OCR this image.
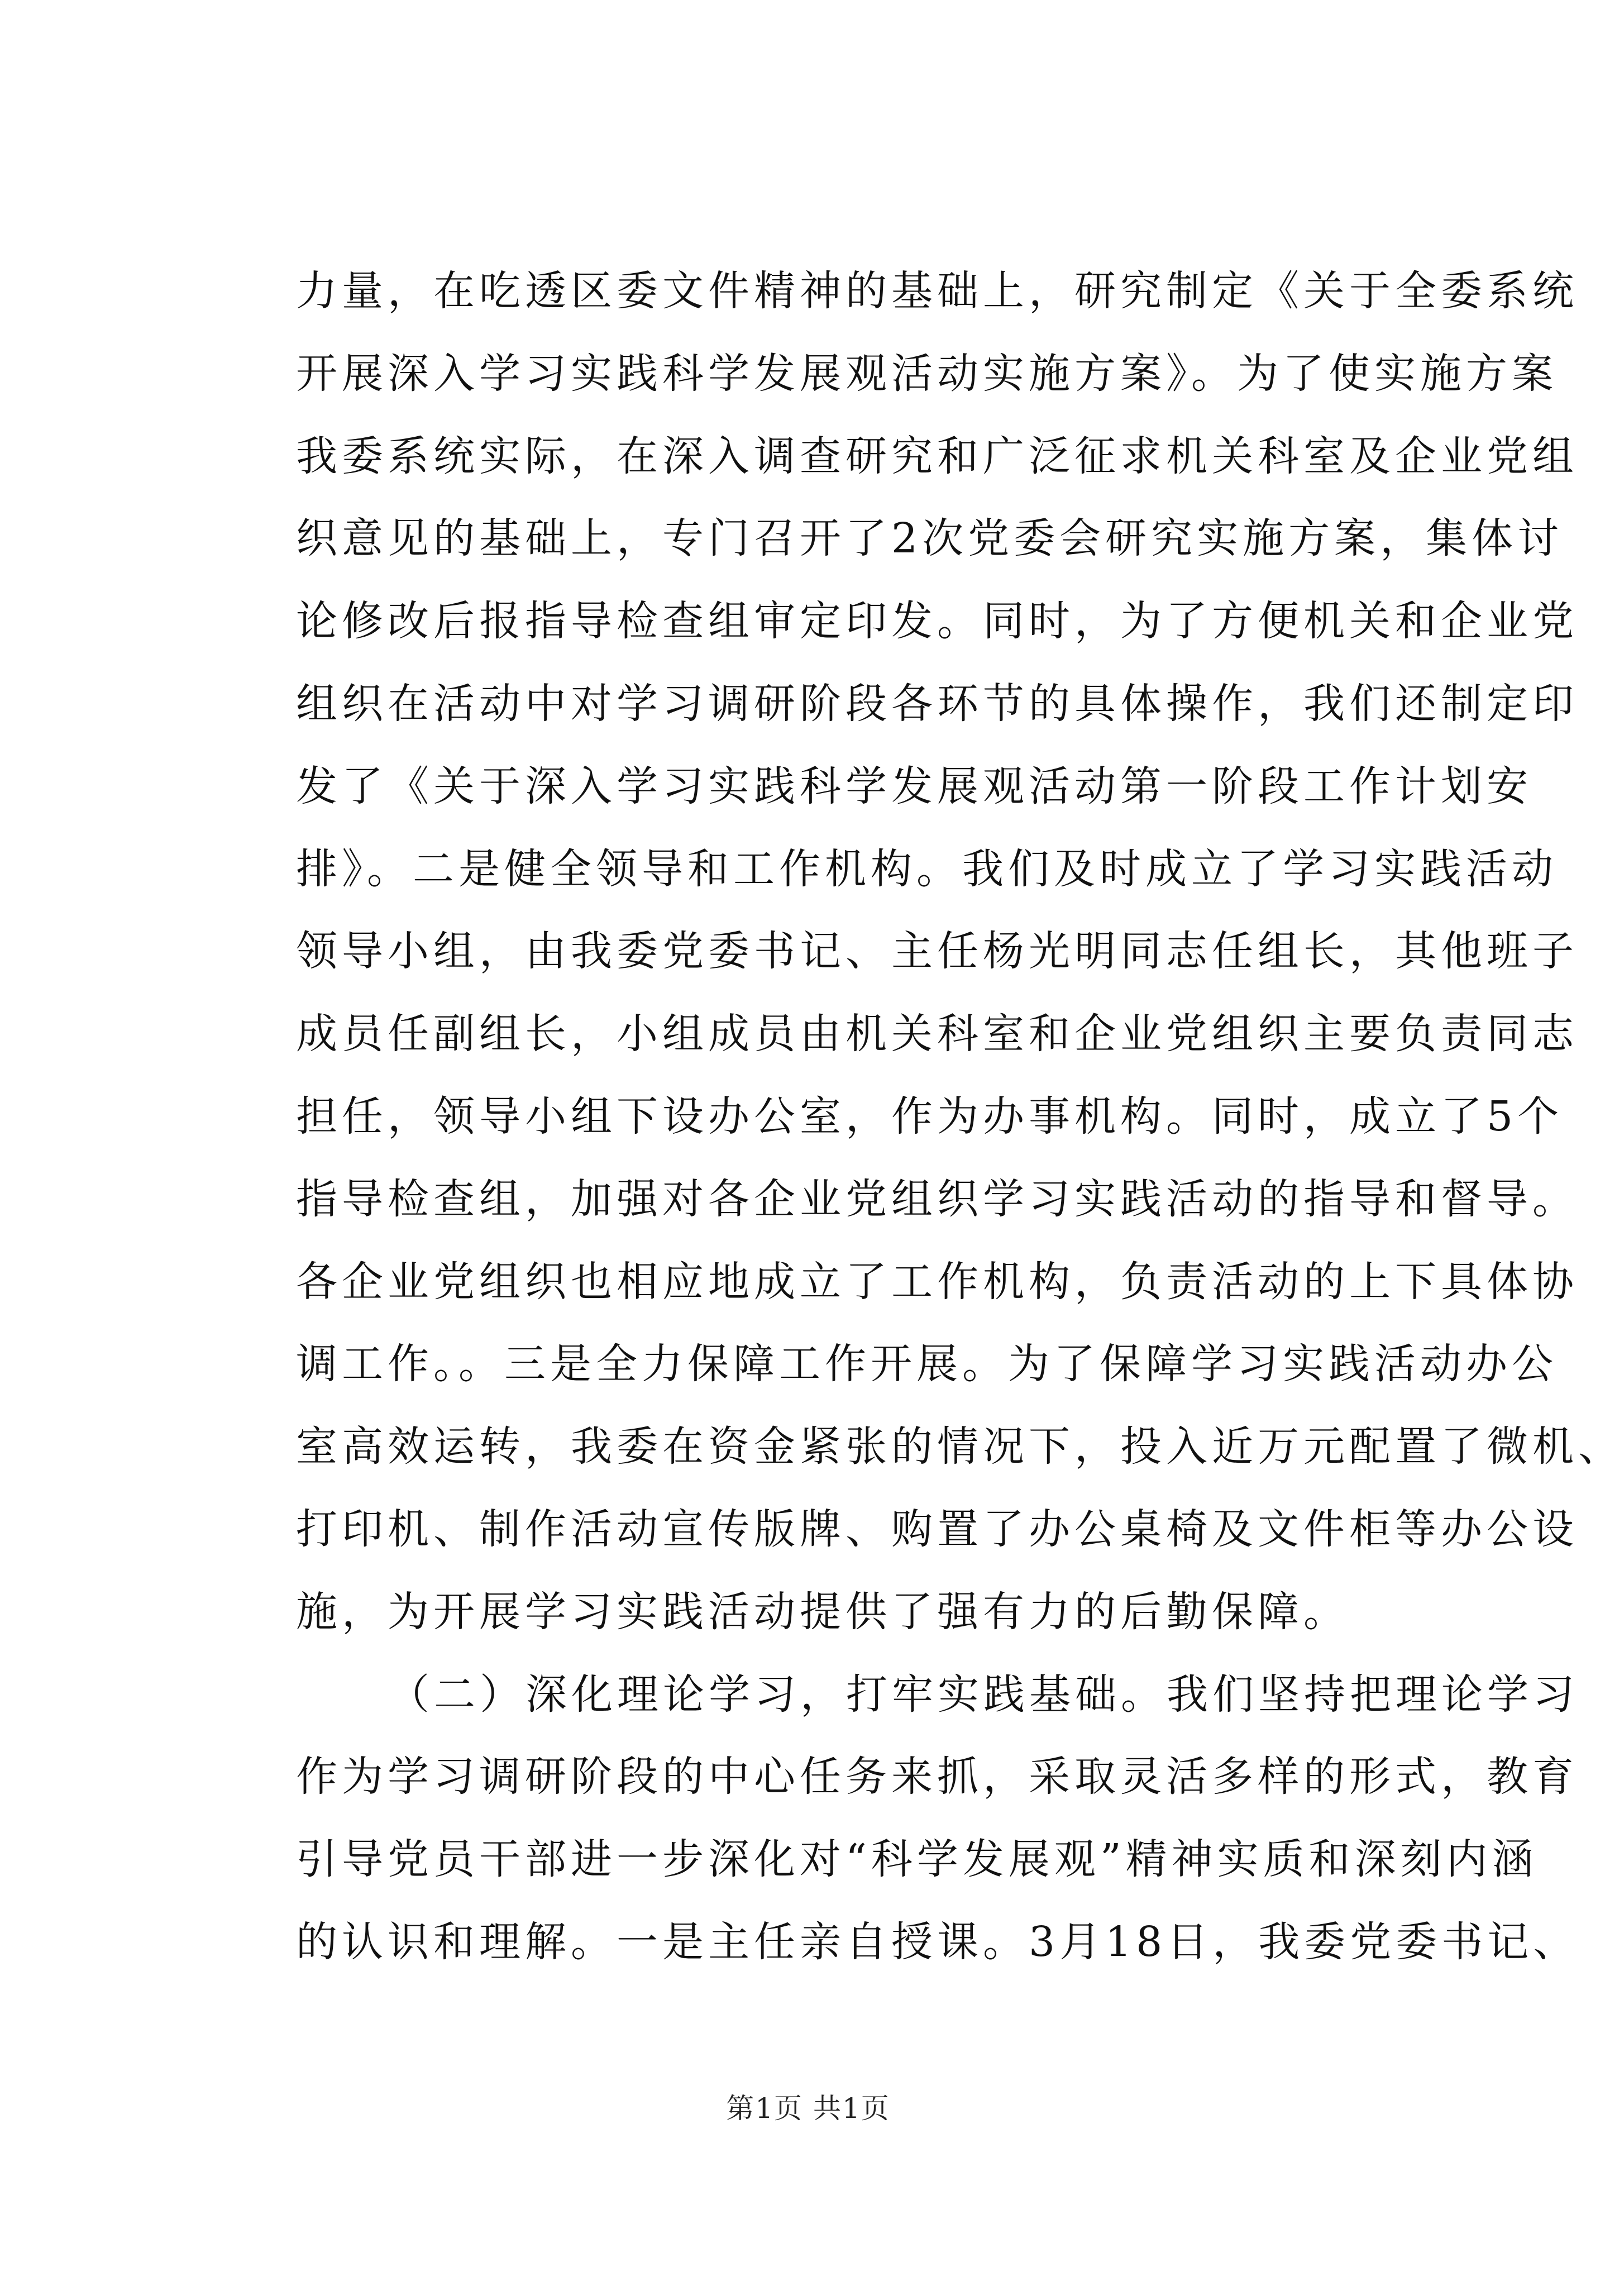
力量，在吃透区委文件精神的基础上，研究制定《关于全委系统
开展深入学习实践科学发展观活动实施方案》。为了使实施方案
我委系统实际，在深入调查研究和广泛征求机关科室及企业党组
织意见的基础上，专门召开了2次党委会研究实施方案，集体讨
论修改后报指导检查组审定印发。同时，为了方便机关和企业党
组织在活动中对学习调研阶段各环节的具体操作，我们还制定印
发了《关于深入学习实践科学发展观活动第一阶段工作计划安
排》。二是健全领导和工作机构。我们及时成立了学习实践活动
领导小组，由我委党委书记、主任杨光明同志任组长，其他班子
成员任副组长，小组成员由机关科室和企业党组织主要负责同志
担任，领导小组下设办公室，作为办事机构。同时，成立了5个
指导检查组，加强对各企业党组织学习实践活动的指导和督导。
各企业党组织也相应地成立了工作机构，负责活动的上下具体协
调工作。。三是全力保障工作开展。为了保障学习实践活动办公
室高效运转，我委在资金紧张的情况下，投入近万元配置了微机、
打印机、制作活动宣传版牌、购置了办公桌椅及文件柜等办公设
施，为开展学习实践活动提供了强有力的后勤保障。
（二）深化理论学习，打牢实践基础。我们坚持把理论学习
作为学习调研阶段的中心任务来抓，采取灵活多样的形式，教育
引导党员干部进一步深化对“科学发展观”精神实质和深刻内涵
的认识和理解。一是主任亲自授课。3月18日，我委党委书记、
第1页 共1页
